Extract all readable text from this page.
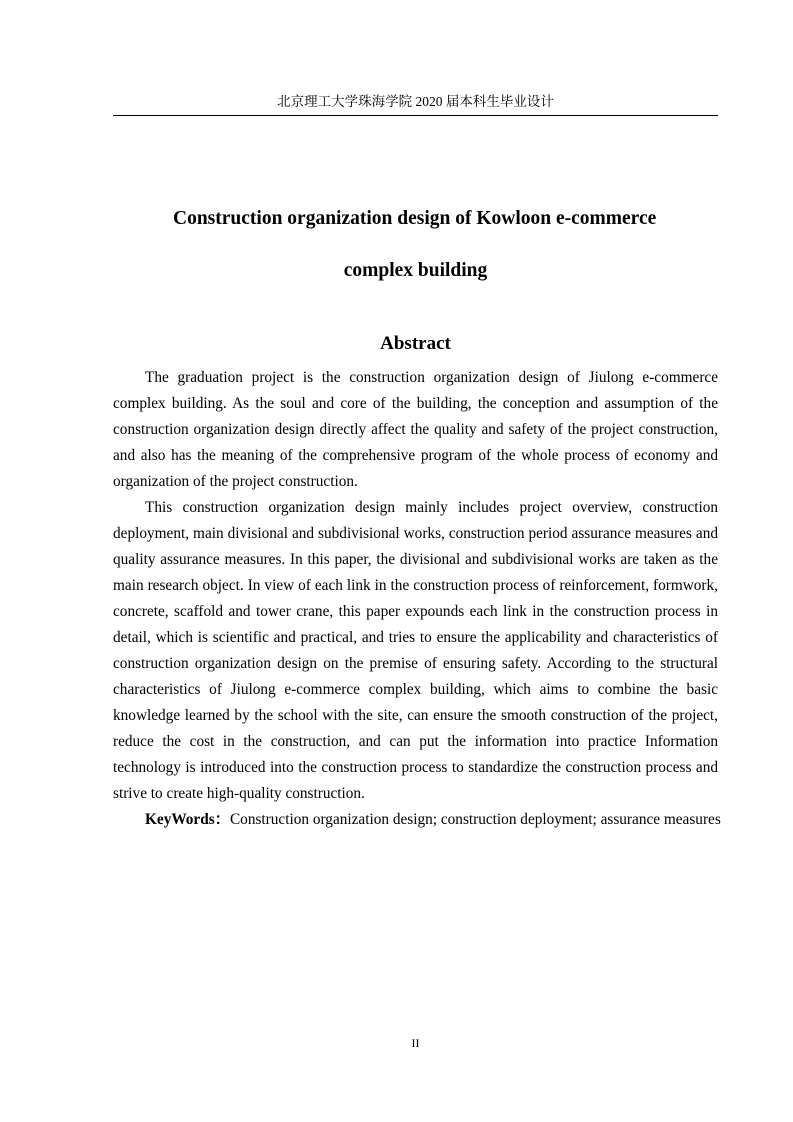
北京理工大学珠海学院 2020 届本科生毕业设计
Construction organization design of Kowloon e-commerce
complex building
Abstract

The graduation project is the construction organization design of Jiulong e-commerce complex building. As the soul and core of the building, the conception and assumption of the construction organization design directly affect the quality and safety of the project construction, and also has the meaning of the comprehensive program of the whole process of economy and organization of the project construction.

This construction organization design mainly includes project overview, construction deployment, main divisional and subdivisional works, construction period assurance measures and quality assurance measures. In this paper, the divisional and subdivisional works are taken as the main research object. In view of each link in the construction process of reinforcement, formwork, concrete, scaffold and tower crane, this paper expounds each link in the construction process in detail, which is scientific and practical, and tries to ensure the applicability and characteristics of construction organization design on the premise of ensuring safety. According to the structural characteristics of Jiulong e-commerce complex building, which aims to combine the basic knowledge learned by the school with the site, can ensure the smooth construction of the project, reduce the cost in the construction, and can put the information into practice Information technology is introduced into the construction process to standardize the construction process and strive to create high-quality construction.

KeyWords：Construction organization design; construction deployment; assurance measures

II
